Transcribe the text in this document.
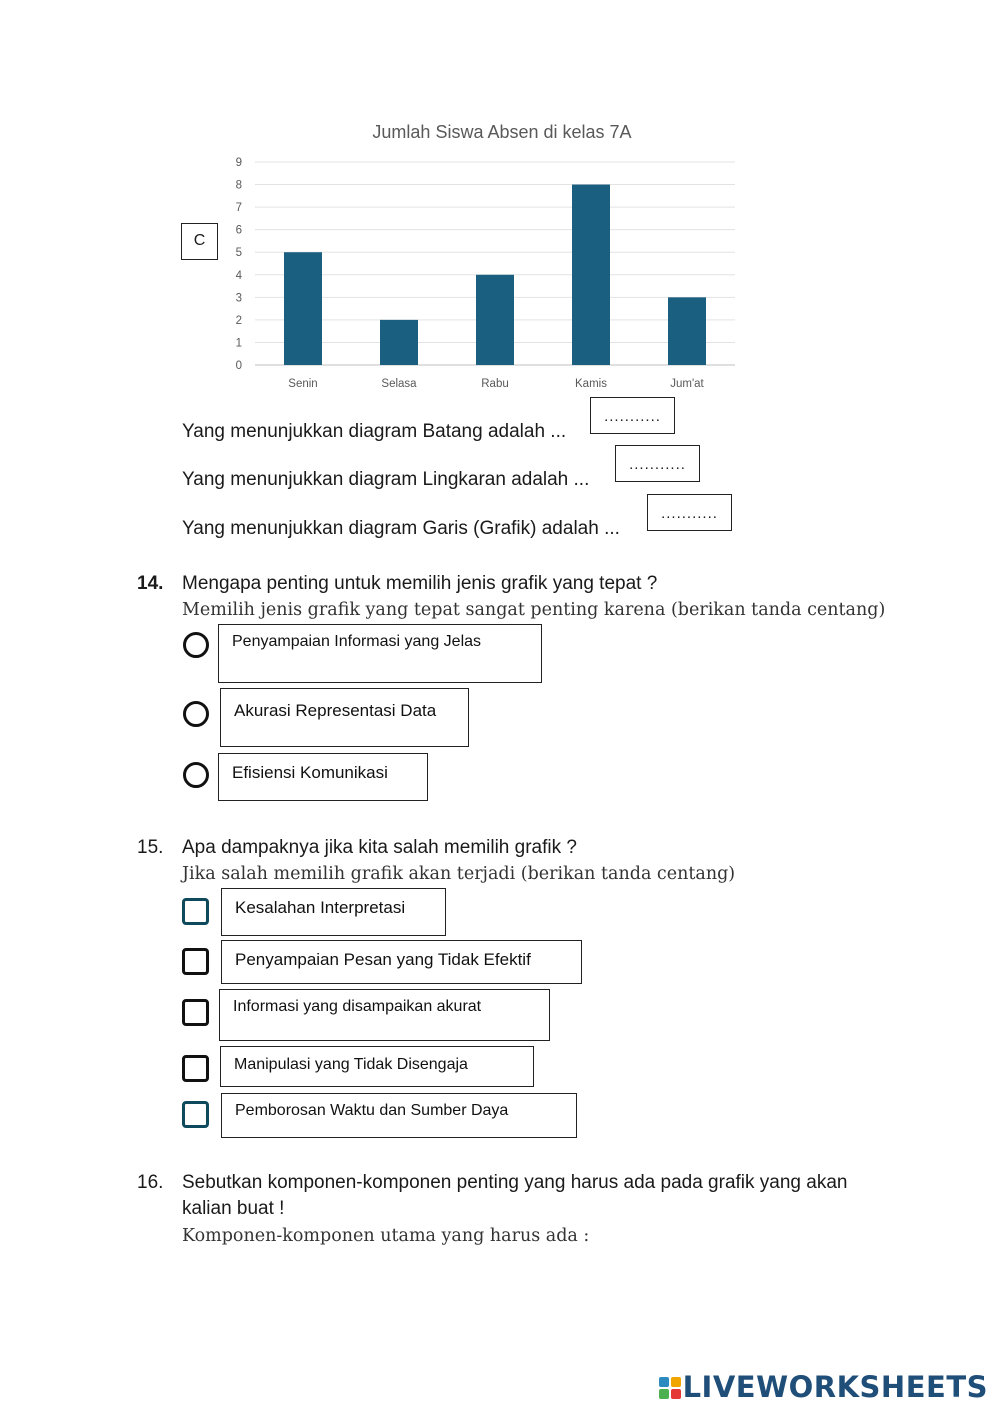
Jumlah Siswa Absen di kelas 7A
0
1
2
3
4
5
6
7
8
9
Senin	Selasa	Rabu	Kamis	Jum'at
C
Yang menunjukkan diagram Batang adalah ...
...........
Yang menunjukkan diagram Lingkaran adalah ...
...........
Yang menunjukkan diagram Garis (Grafik) adalah ...
...........
14. Mengapa penting untuk memilih jenis grafik yang tepat ?
Memilih jenis grafik yang tepat sangat penting karena (berikan tanda centang)
Penyampaian Informasi yang Jelas
Akurasi Representasi Data
Efisiensi Komunikasi
15. Apa dampaknya jika kita salah memilih grafik ?
Jika salah memilih grafik akan terjadi (berikan tanda centang)
Kesalahan Interpretasi
Penyampaian Pesan yang Tidak Efektif
Informasi yang disampaikan akurat
Manipulasi yang Tidak Disengaja
Pemborosan Waktu dan Sumber Daya
16. Sebutkan komponen-komponen penting yang harus ada pada grafik yang akan
kalian buat !
Komponen-komponen utama yang harus ada :
LIVEWORKSHEETS
